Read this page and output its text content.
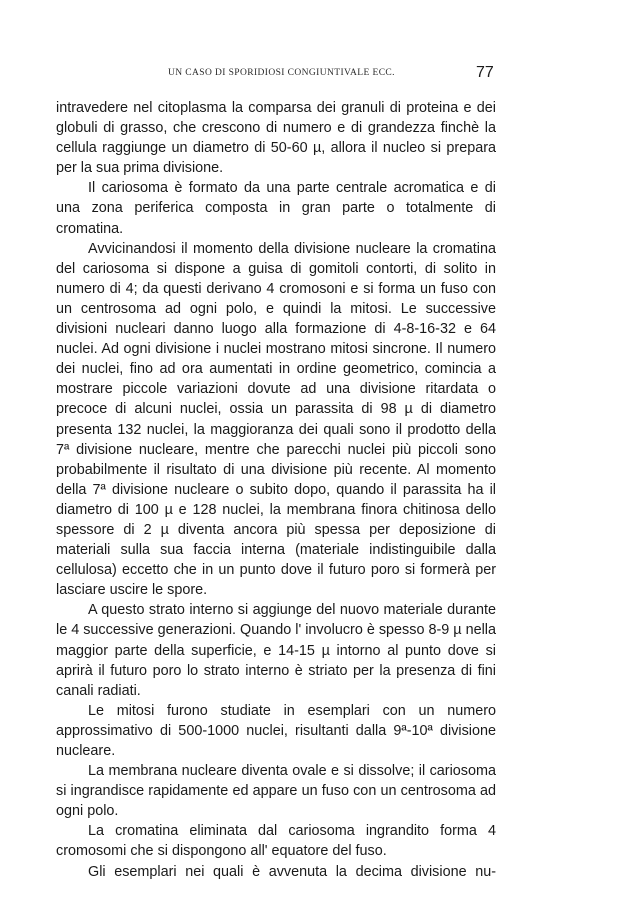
UN CASO DI SPORIDIOSI CONGIUNTIVALE ECC.	77

intravedere nel citoplasma la comparsa dei granuli di proteina e dei globuli di grasso, che crescono di numero e di grandezza finchè la cellula raggiunge un diametro di 50-60 µ, allora il nucleo si prepara per la sua prima divisione.

Il cariosoma è formato da una parte centrale acromatica e di una zona periferica composta in gran parte o totalmente di cromatina.

Avvicinandosi il momento della divisione nucleare la cromatina del cariosoma si dispone a guisa di gomitoli contorti, di solito in numero di 4; da questi derivano 4 cromosoni e si forma un fuso con un centrosoma ad ogni polo, e quindi la mitosi. Le successive divisioni nucleari danno luogo alla formazione di 4-8-16-32 e 64 nuclei. Ad ogni divisione i nuclei mostrano mitosi sincrone. Il numero dei nuclei, fino ad ora aumentati in ordine geometrico, comincia a mostrare piccole variazioni dovute ad una divisione ritardata o precoce di alcuni nuclei, ossia un parassita di 98 µ di diametro presenta 132 nuclei, la maggioranza dei quali sono il prodotto della 7ª divisione nucleare, mentre che parecchi nuclei più piccoli sono probabilmente il risultato di una divisione più recente. Al momento della 7ª divisione nucleare o subito dopo, quando il parassita ha il diametro di 100 µ e 128 nuclei, la membrana finora chitinosa dello spessore di 2 µ diventa ancora più spessa per deposizione di materiali sulla sua faccia interna (materiale indistinguibile dalla cellulosa) eccetto che in un punto dove il futuro poro si formerà per lasciare uscire le spore.

A questo strato interno si aggiunge del nuovo materiale durante le 4 successive generazioni. Quando l' involucro è spesso 8-9 µ nella maggior parte della superficie, e 14-15 µ intorno al punto dove si aprirà il futuro poro lo strato interno è striato per la presenza di fini canali radiati.

Le mitosi furono studiate in esemplari con un numero approssimativo di 500-1000 nuclei, risultanti dalla 9ª-10ª divisione nucleare.

La membrana nucleare diventa ovale e si dissolve; il cariosoma si ingrandisce rapidamente ed appare un fuso con un centrosoma ad ogni polo.

La cromatina eliminata dal cariosoma ingrandito forma 4 cromosomi che si dispongono all' equatore del fuso.

Gli esemplari nei quali è avvenuta la decima divisione nu-
